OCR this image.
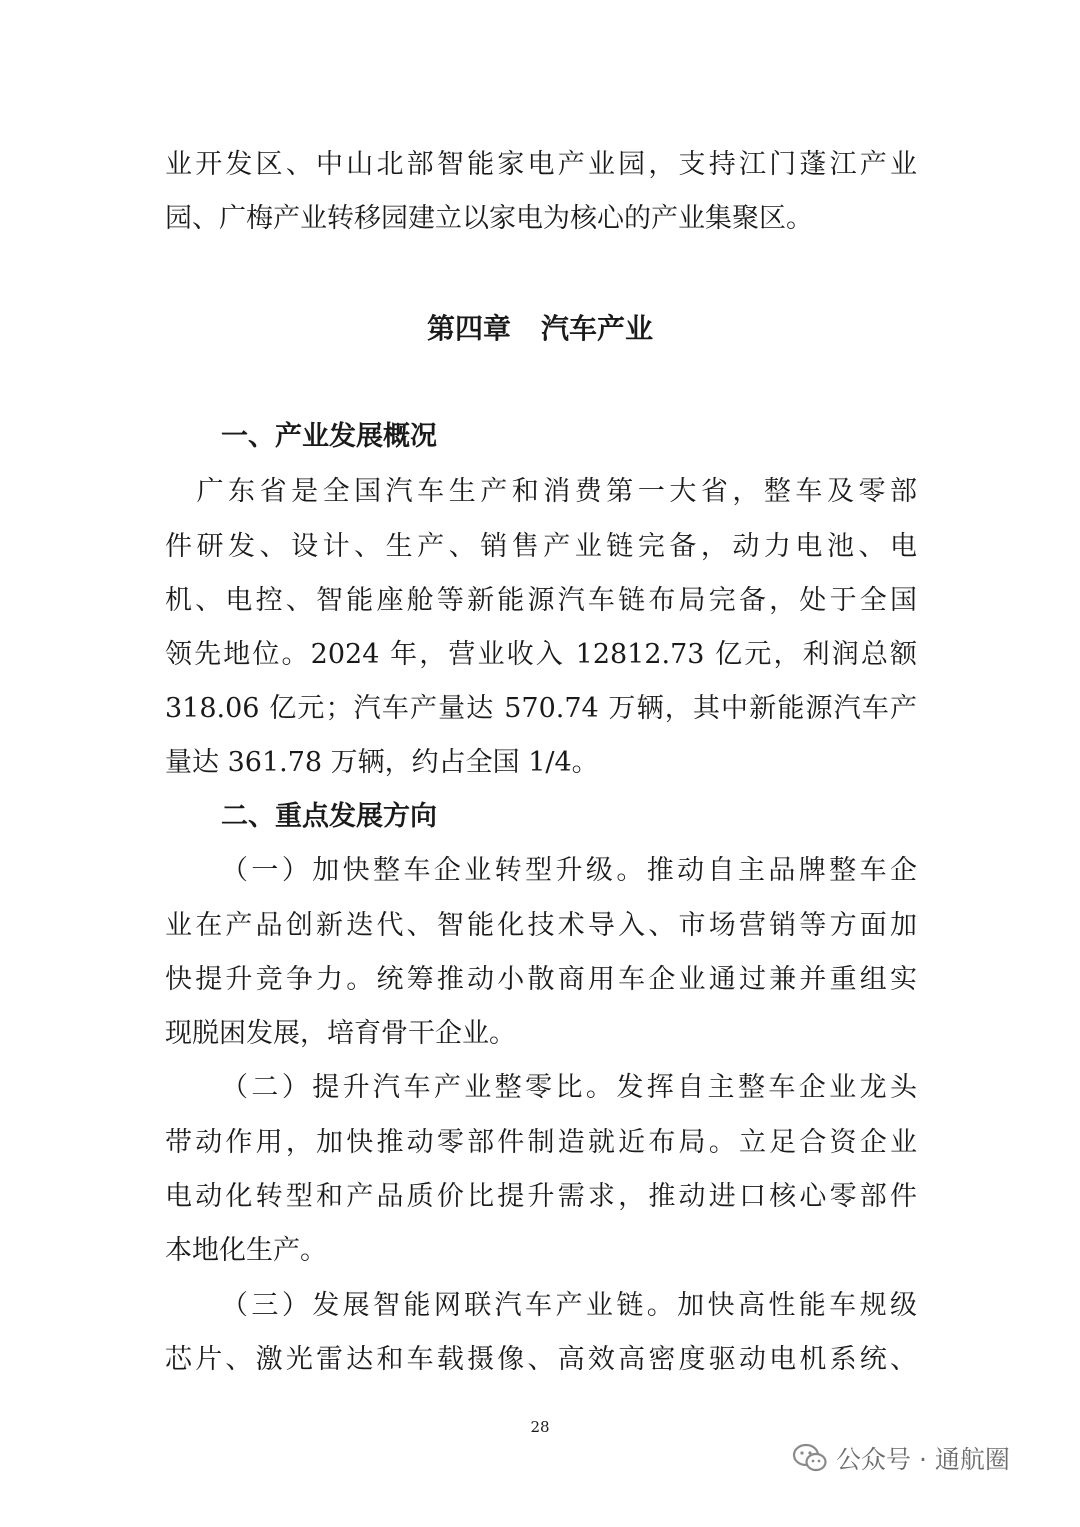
业开发区、中山北部智能家电产业园，支持江门蓬江产业
园、广梅产业转移园建立以家电为核心的产业集聚区。
第四章 汽车产业
一、产业发展概况
　广东省是全国汽车生产和消费第一大省，整车及零部
件研发、设计、生产、销售产业链完备，动力电池、电
机、电控、智能座舱等新能源汽车链布局完备，处于全国
领先地位。2024 年，营业收入 12812.73 亿元，利润总额
318.06 亿元；汽车产量达 570.74 万辆，其中新能源汽车产
量达 361.78 万辆，约占全国 1/4。
二、重点发展方向
（一）加快整车企业转型升级。推动自主品牌整车企
业在产品创新迭代、智能化技术导入、市场营销等方面加
快提升竞争力。统筹推动小散商用车企业通过兼并重组实
现脱困发展，培育骨干企业。
（二）提升汽车产业整零比。发挥自主整车企业龙头
带动作用，加快推动零部件制造就近布局。立足合资企业
电动化转型和产品质价比提升需求，推动进口核心零部件
本地化生产。
（三）发展智能网联汽车产业链。加快高性能车规级
芯片、激光雷达和车载摄像、高效高密度驱动电机系统、
28
公众号 · 通航圈
